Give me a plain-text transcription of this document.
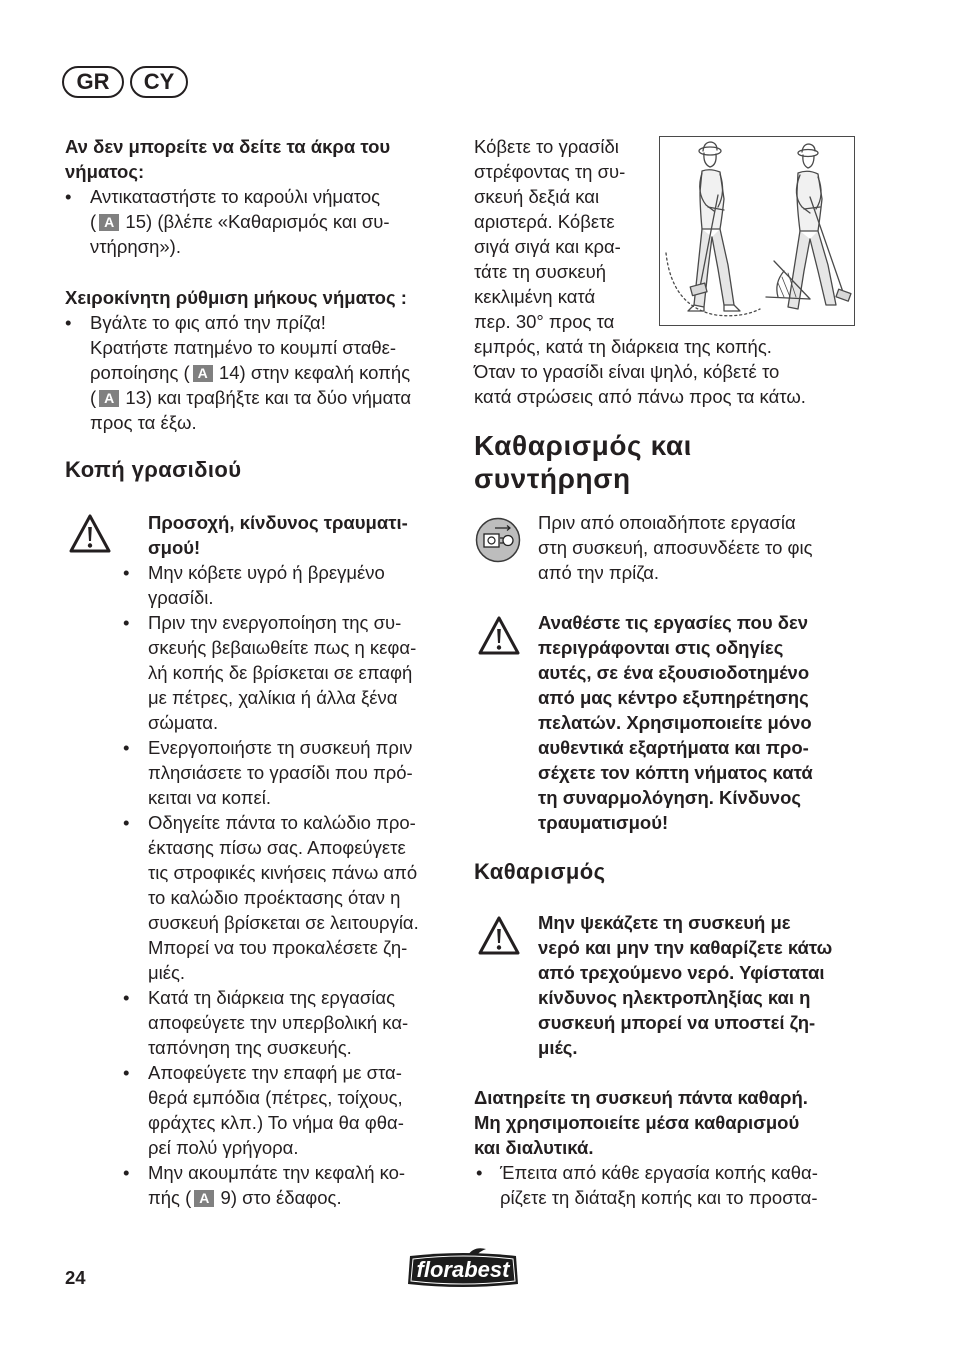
GR	CY
Αν δεν μπορείτε να δείτε τα άκρα του
νήματος:
•	Αντικαταστήστε το καρούλι νήματος
( A 15) (βλέπε «Καθαρισμός και συ-
ντήρηση»).
Χειροκίνητη ρύθμιση μήκους νήματος :
•	Βγάλτε το φις από την πρίζα!
Κρατήστε πατημένο το κουμπί σταθε-
ροποίησης ( A 14) στην κεφαλή κοπής
( A 13) και τραβήξτε και τα δύο νήματα
προς τα έξω.
Κοπή γρασιδιού
Προσοχή, κίνδυνος τραυματι-
σμού!
•	Μην κόβετε υγρό ή βρεγμένο
γρασίδι.
•	Πριν την ενεργοποίηση της συ-
σκευής βεβαιωθείτε πως η κεφα-
λή κοπής δε βρίσκεται σε επαφή
με πέτρες, χαλίκια ή άλλα ξένα
σώματα.
•	Ενεργοποιήστε τη συσκευή πριν
πλησιάσετε το γρασίδι που πρό-
κειται να κοπεί.
•	Οδηγείτε πάντα το καλώδιο προ-
έκτασης πίσω σας. Αποφεύγετε
τις στροφικές κινήσεις πάνω από
το καλώδιο προέκτασης όταν η
συσκευή βρίσκεται σε λειτουργία.
Μπορεί να του προκαλέσετε ζη-
μιές.
•	Κατά τη διάρκεια της εργασίας
αποφεύγετε την υπερβολική κα-
ταπόνηση της συσκευής.
•	Αποφεύγετε την επαφή με στα-
θερά εμπόδια (πέτρες, τοίχους,
φράχτες κλπ.) Το νήμα θα φθα-
ρεί πολύ γρήγορα.
•	Μην ακουμπάτε την κεφαλή κο-
πής ( A 9) στο έδαφος.
Κόβετε το γρασίδι
στρέφοντας τη συ-
σκευή δεξιά και
αριστερά. Κόβετε
σιγά σιγά και κρα-
τάτε τη συσκευή
κεκλιμένη κατά
περ. 30° προς τα
εμπρός, κατά τη διάρκεια της κοπής.
Όταν το γρασίδι είναι ψηλό, κόβετέ το
κατά στρώσεις από πάνω προς τα κάτω.
Καθαρισμός και
συντήρηση
Πριν από οποιαδήποτε εργασία
στη συσκευή, αποσυνδέετε το φις
από την πρίζα.
Αναθέστε τις εργασίες που δεν
περιγράφονται στις οδηγίες
αυτές, σε ένα εξουσιοδοτημένο
από μας κέντρο εξυπηρέτησης
πελατών. Χρησιμοποιείτε μόνο
αυθεντικά εξαρτήματα και προ-
σέχετε τον κόπτη νήματος κατά
τη συναρμολόγηση. Κίνδυνος
τραυματισμού!
Καθαρισμός
Μην ψεκάζετε τη συσκευή με
νερό και μην την καθαρίζετε κάτω
από τρεχούμενο νερό. Υφίσταται
κίνδυνος ηλεκτροπληξίας και η
συσκευή μπορεί να υποστεί ζη-
μιές.
Διατηρείτε τη συσκευή πάντα καθαρή.
Μη χρησιμοποιείτε μέσα καθαρισμού
και διαλυτικά.
• Έπειτα από κάθε εργασία κοπής καθα-
ρίζετε τη διάταξη κοπής και το προστα-
24	florabest
